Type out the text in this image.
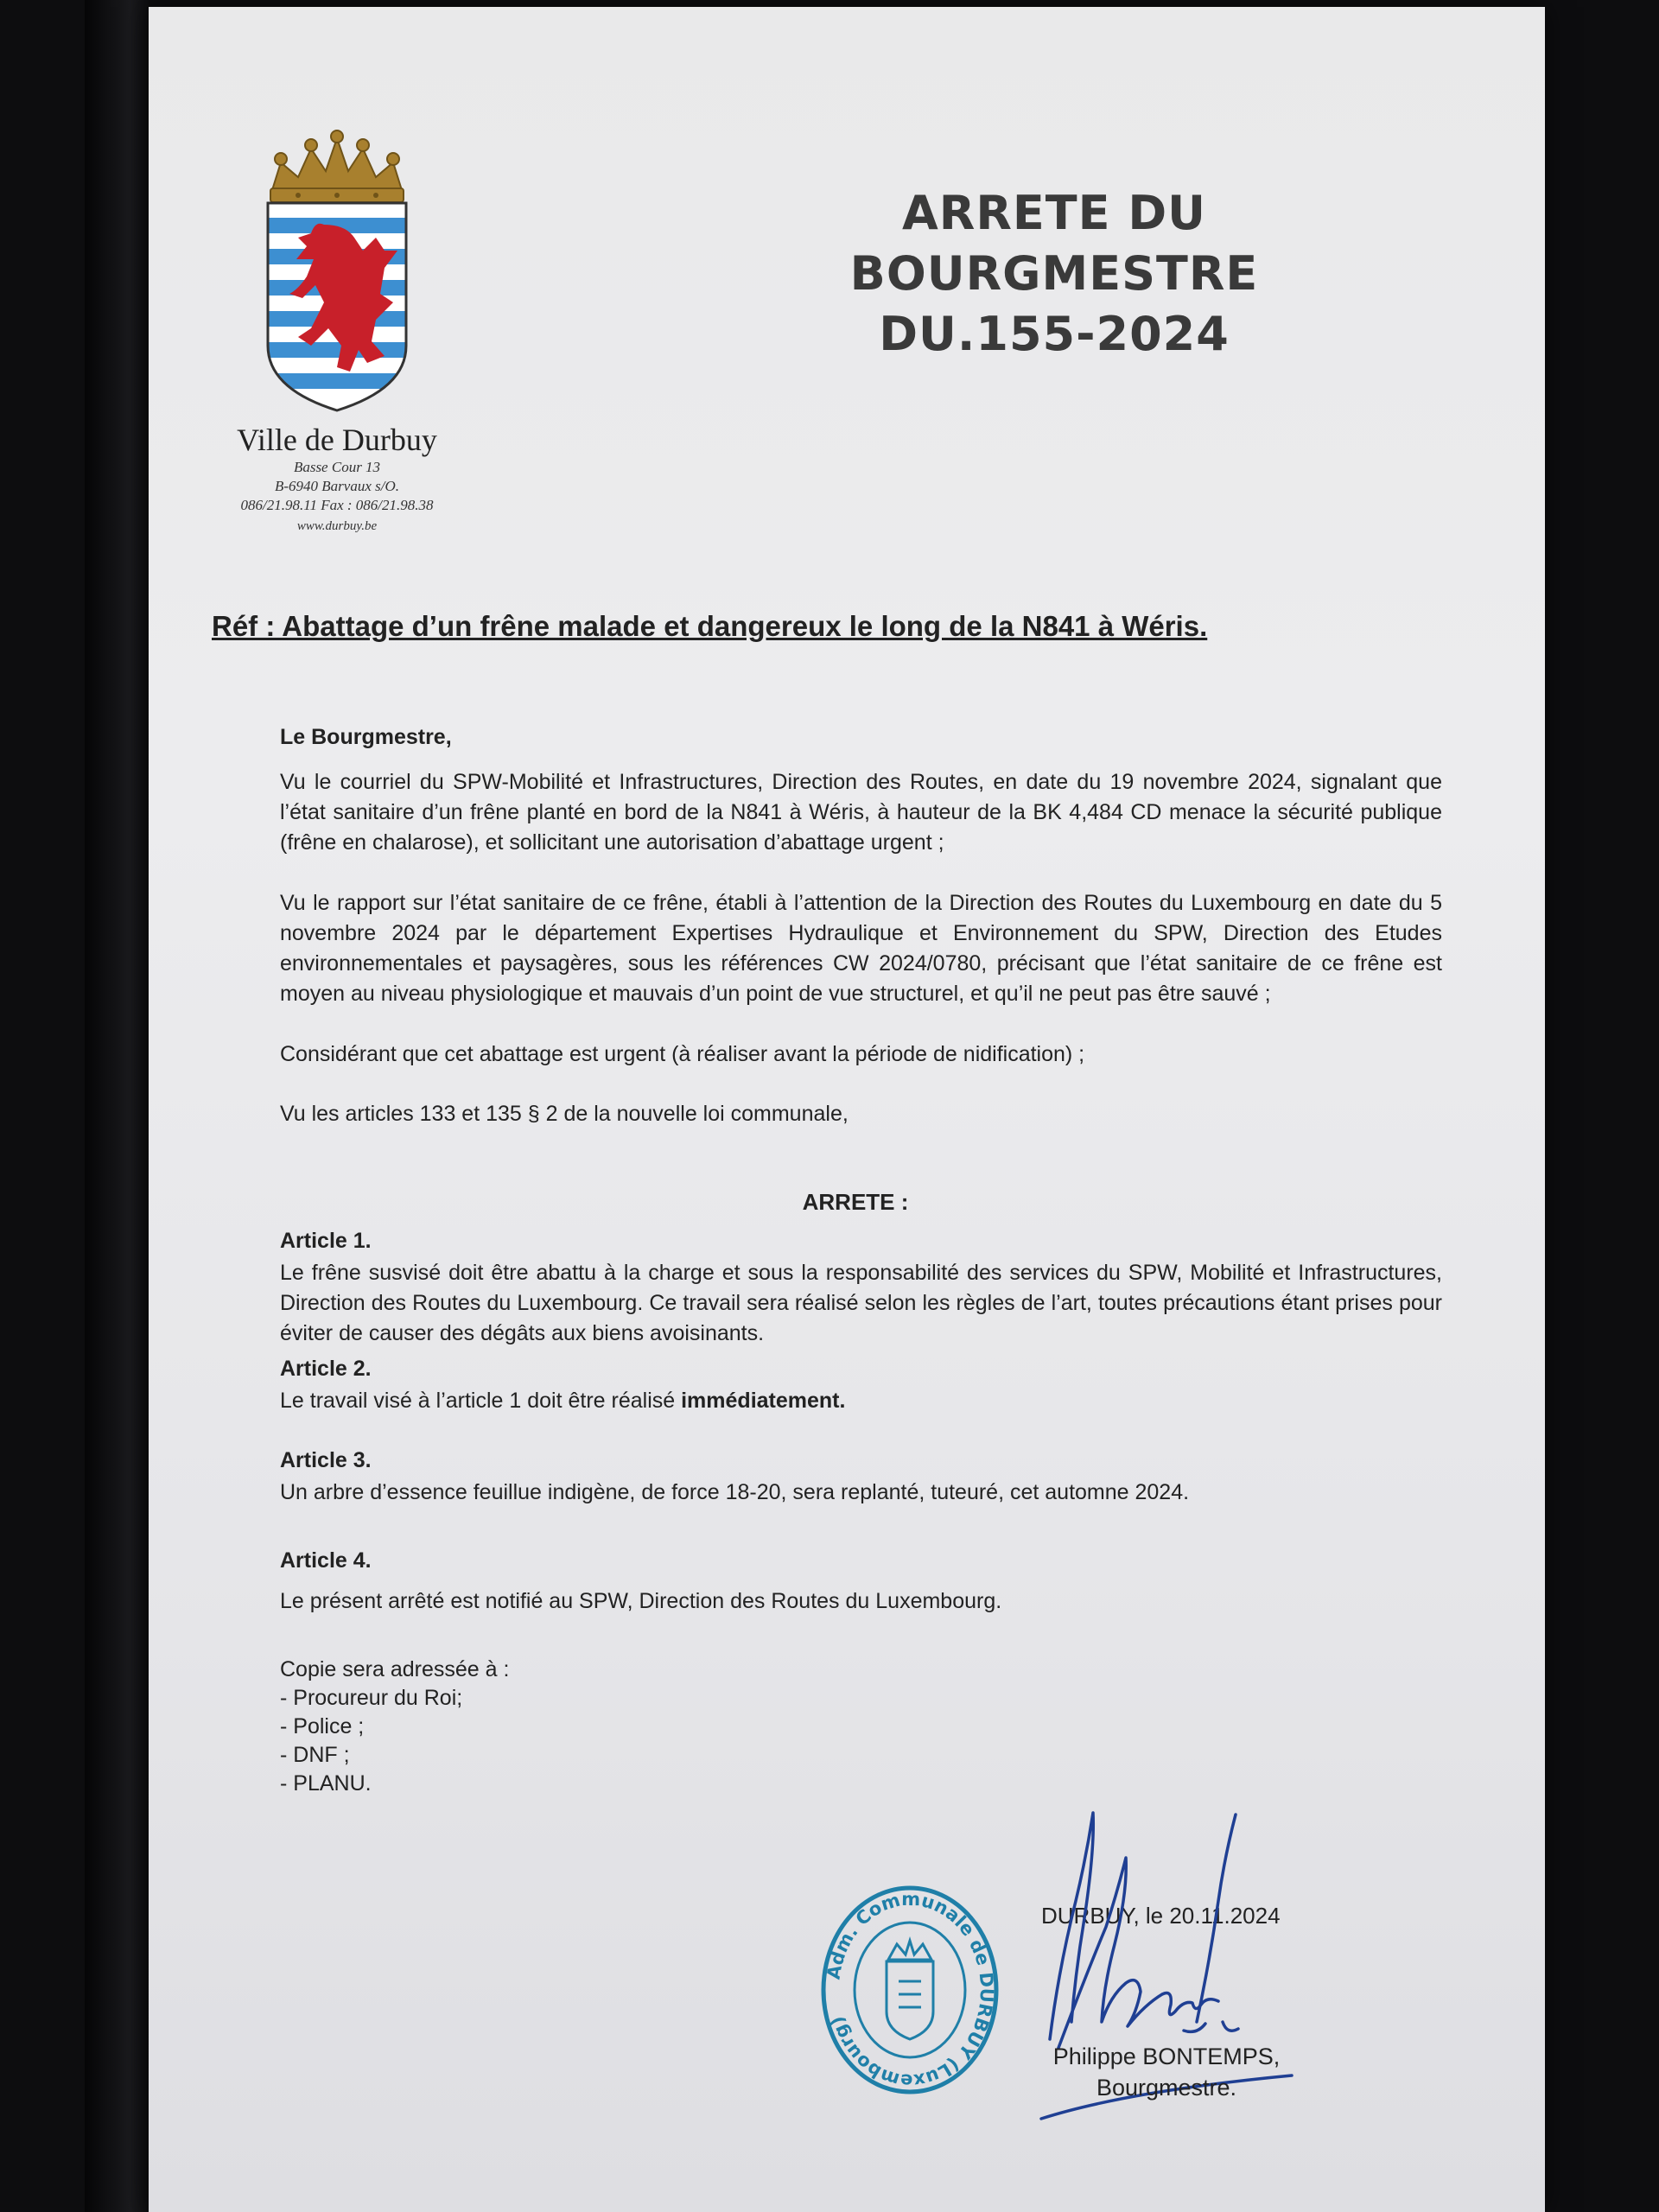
Ville de Durbuy
Basse Cour 13
B-6940 Barvaux s/O.
086/21.98.11 Fax : 086/21.98.38
www.durbuy.be
ARRETE DU BOURGMESTRE
DU.155-2024
Réf : Abattage d’un frêne malade et dangereux le long de la N841 à Wéris.
Le Bourgmestre,
Vu le courriel du SPW-Mobilité et Infrastructures, Direction des Routes, en date du 19 novembre 2024, signalant que l’état sanitaire d’un frêne planté en bord de la N841 à Wéris, à hauteur de la BK 4,484 CD menace la sécurité publique (frêne en chalarose), et sollicitant une autorisation d’abattage urgent ;
Vu le rapport sur l’état sanitaire de ce frêne, établi à l’attention de la Direction des Routes du Luxembourg en date du 5 novembre 2024 par le département Expertises Hydraulique et Environnement du SPW, Direction des Etudes environnementales et paysagères, sous les références CW 2024/0780, précisant que l’état sanitaire de ce frêne est moyen au niveau physiologique et mauvais d’un point de vue structurel, et qu’il ne peut pas être sauvé ;
Considérant que cet abattage est urgent (à réaliser avant la période de nidification) ;
Vu les articles 133 et 135 § 2 de la nouvelle loi communale,
ARRETE :
Article 1.
Le frêne susvisé doit être abattu à la charge et sous la responsabilité des services du SPW, Mobilité et Infrastructures, Direction des Routes du Luxembourg. Ce travail sera réalisé selon les règles de l’art, toutes précautions étant prises pour éviter de causer des dégâts aux biens avoisinants.
Article 2.
Le travail visé à l’article 1 doit être réalisé immédiatement.
Article 3.
Un arbre d’essence feuillue indigène, de force 18-20, sera replanté, tuteuré, cet automne 2024.
Article 4.
Le présent arrêté est notifié au SPW, Direction des Routes du Luxembourg.
Copie sera adressée à :
- Procureur du Roi;
- Police ;
- DNF ;
- PLANU.
Adm. Communale de DURBUY (Luxembourg)
DURBUY, le 20.11.2024
Philippe BONTEMPS,
Bourgmestre.
